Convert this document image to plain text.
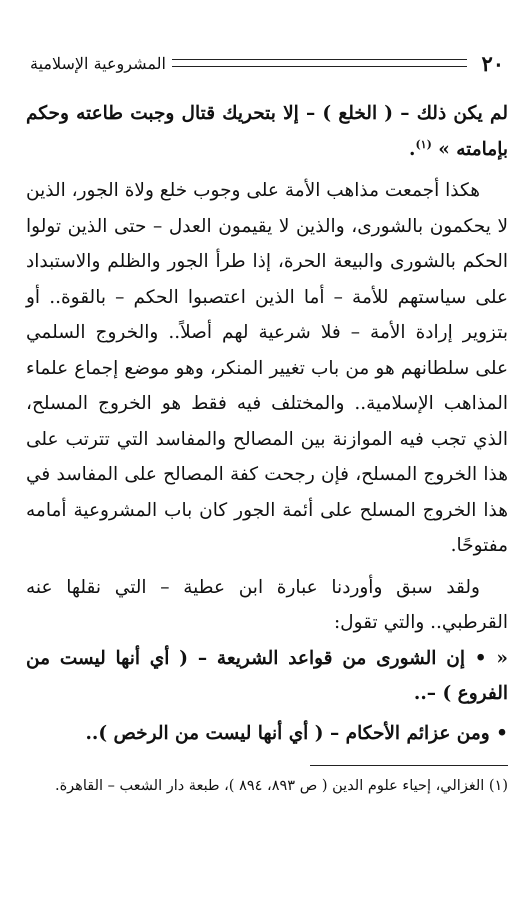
٢٠
المشروعية الإسلامية

لم يكن ذلك – ( الخلع ) – إلا بتحريك قتال وجبت طاعته وحكم بإمامته » $^{(١)}$.

هكذا أجمعت مذاهب الأمة على وجوب خلع ولاة الجور، الذين لا يحكمون بالشورى، والذين لا يقيمون العدل – حتى الذين تولوا الحكم بالشورى والبيعة الحرة، إذا طرأ الجور والظلم والاستبداد على سياستهم للأمة – أما الذين اعتصبوا الحكم – بالقوة.. أو بتزوير إرادة الأمة – فلا شرعية لهم أصلاً.. والخروج السلمي على سلطانهم هو من باب تغيير المنكر، وهو موضع إجماع علماء المذاهب الإسلامية.. والمختلف فيه فقط هو الخروج المسلح، الذي تجب فيه الموازنة بين المصالح والمفاسد التي تترتب على هذا الخروج المسلح، فإن رجحت كفة المصالح على المفاسد في هذا الخروج المسلح على أئمة الجور كان باب المشروعية أمامه مفتوحًا.

ولقد سبق وأوردنا عبارة ابن عطية – التي نقلها عنه القرطبي.. والتي تقول:

« • إن الشورى من قواعد الشريعة – ( أي أنها ليست من الفروع ) –..

• ومن عزائم الأحكام – ( أي أنها ليست من الرخص )..

(١) الغزالي، إحياء علوم الدين ( ص ٨٩٣، ٨٩٤ )، طبعة دار الشعب – القاهرة.
